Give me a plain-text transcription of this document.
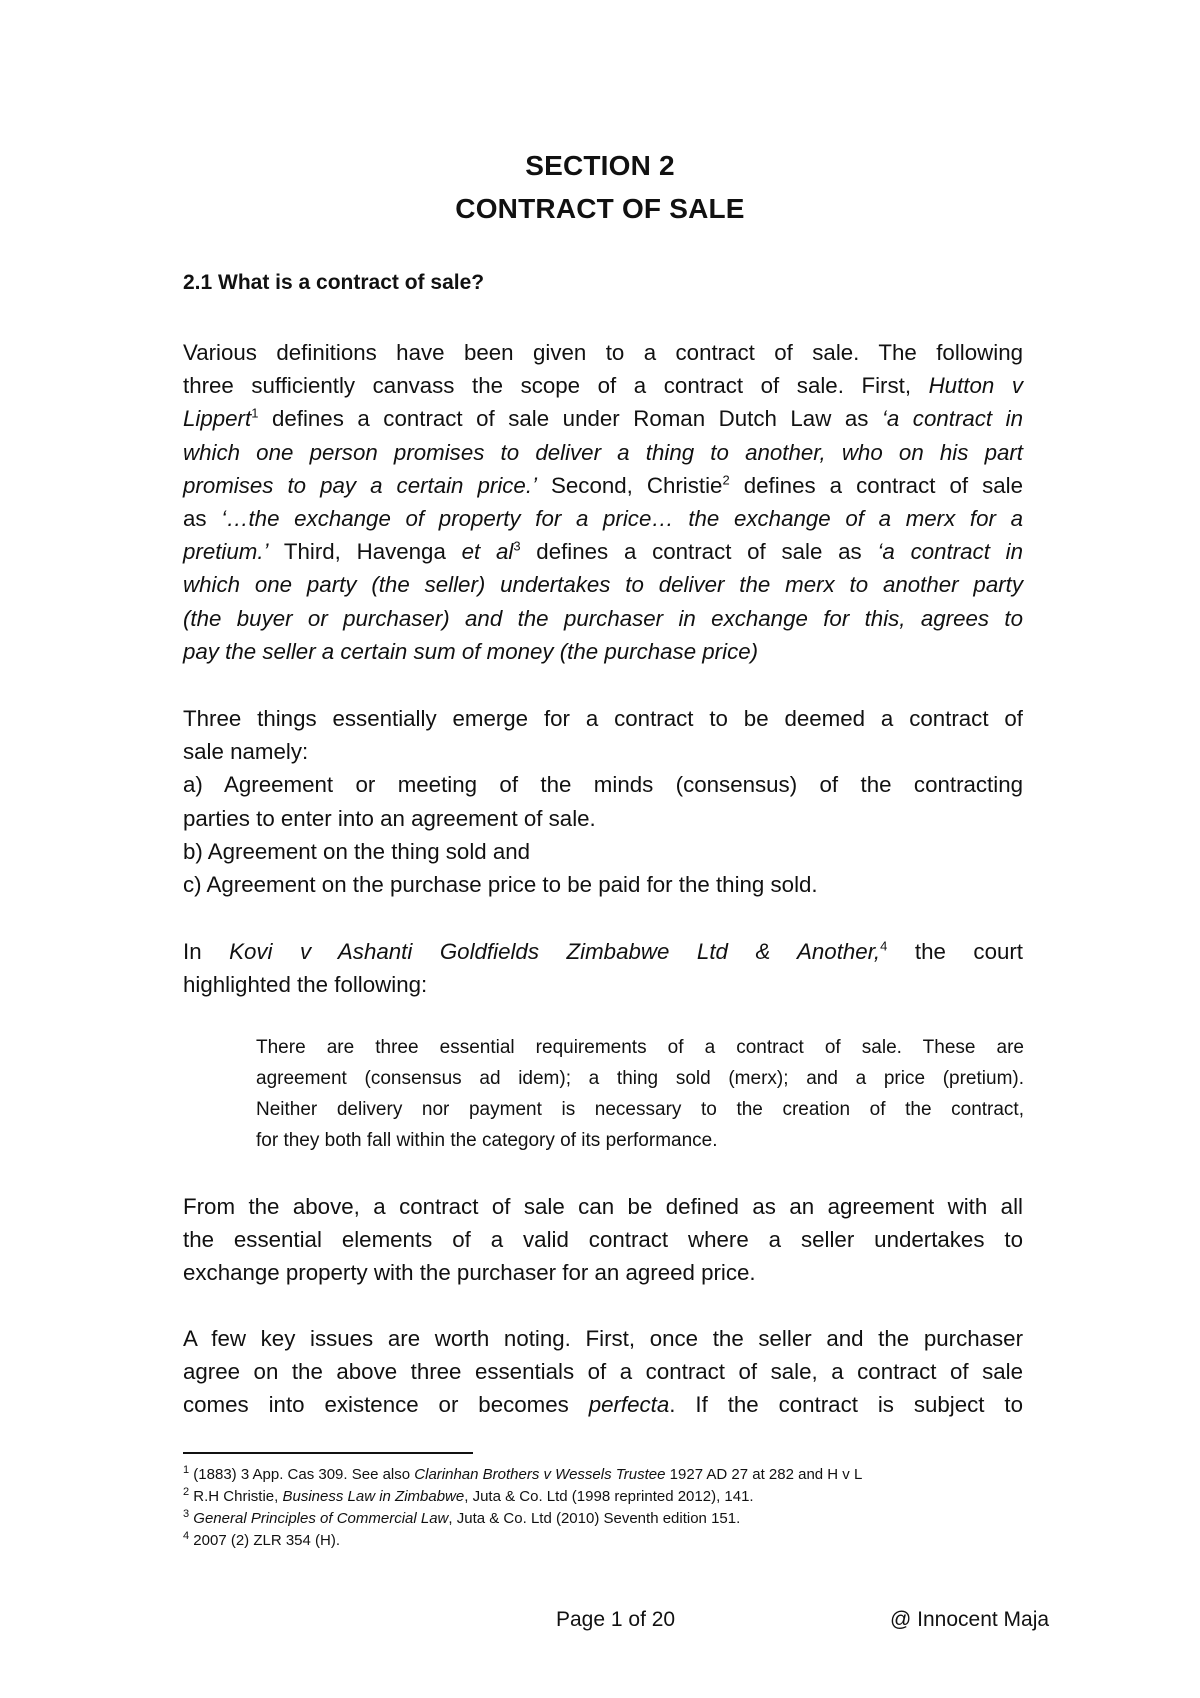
SECTION 2
CONTRACT OF SALE
2.1 What is a contract of sale?
Various definitions have been given to a contract of sale. The following
three sufficiently canvass the scope of a contract of sale. First, Hutton v
Lippert$^1$ defines a contract of sale under Roman Dutch Law as ‘a contract in
which one person promises to deliver a thing to another, who on his part
promises to pay a certain price.’ Second, Christie$^2$ defines a contract of sale
as ‘…the exchange of property for a price… the exchange of a merx for a
pretium.’ Third, Havenga et $al^3$ defines a contract of sale as ‘a contract in
which one party (the seller) undertakes to deliver the merx to another party
(the buyer or purchaser) and the purchaser in exchange for this, agrees to
pay the seller a certain sum of money (the purchase price)
Three things essentially emerge for a contract to be deemed a contract of
sale namely:
a) Agreement or meeting of the minds (consensus) of the contracting
parties to enter into an agreement of sale.
b) Agreement on the thing sold and
c) Agreement on the purchase price to be paid for the thing sold.
In Kovi v Ashanti Goldfields Zimbabwe Ltd & Another,$^4$ the court
highlighted the following:
There are three essential requirements of a contract of sale. These are
agreement (consensus ad idem); a thing sold (merx); and a price (pretium).
Neither delivery nor payment is necessary to the creation of the contract,
for they both fall within the category of its performance.
From the above, a contract of sale can be defined as an agreement with all
the essential elements of a valid contract where a seller undertakes to
exchange property with the purchaser for an agreed price.
A few key issues are worth noting. First, once the seller and the purchaser
agree on the above three essentials of a contract of sale, a contract of sale
comes into existence or becomes perfecta. If the contract is subject to
$^1$ (1883) 3 App. Cas 309. See also Clarinhan Brothers v Wessels Trustee 1927 AD 27 at 282 and H v L
$^2$ R.H Christie, Business Law in Zimbabwe, Juta & Co. Ltd (1998 reprinted 2012), 141.
$^3$ General Principles of Commercial Law, Juta & Co. Ltd (2010) Seventh edition 151.
$^4$ 2007 (2) ZLR 354 (H).
Page 1 of 20	@ Innocent Maja
